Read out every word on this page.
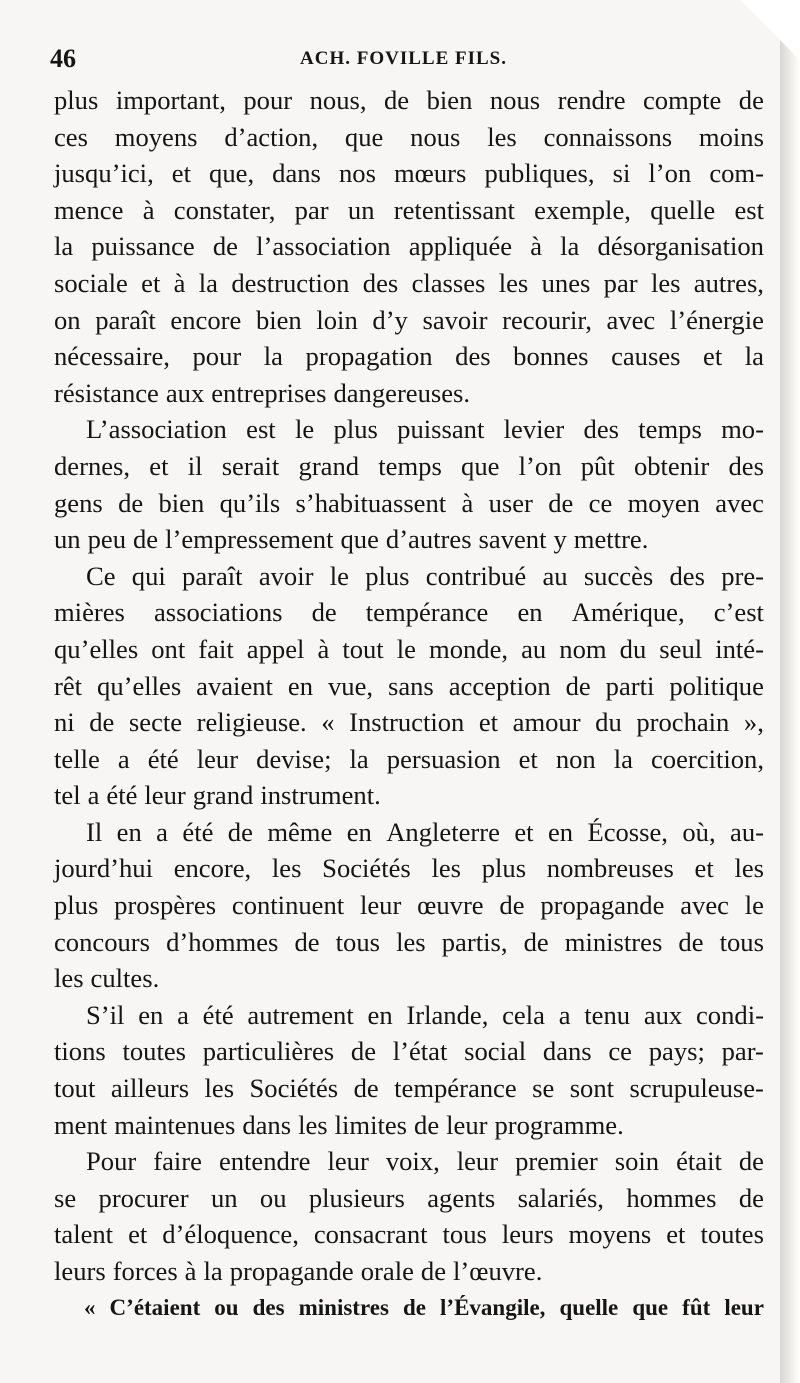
46	ACH. FOVILLE FILS.
plus important, pour nous, de bien nous rendre compte de
ces moyens d’action, que nous les connaissons moins
jusqu’ici, et que, dans nos mœurs publiques, si l’on com-
mence à constater, par un retentissant exemple, quelle est
la puissance de l’association appliquée à la désorganisation
sociale et à la destruction des classes les unes par les autres,
on paraît encore bien loin d’y savoir recourir, avec l’énergie
nécessaire, pour la propagation des bonnes causes et la
résistance aux entreprises dangereuses.
L’association est le plus puissant levier des temps mo-
dernes, et il serait grand temps que l’on pût obtenir des
gens de bien qu’ils s’habituassent à user de ce moyen avec
un peu de l’empressement que d’autres savent y mettre.
Ce qui paraît avoir le plus contribué au succès des pre-
mières associations de tempérance en Amérique, c’est
qu’elles ont fait appel à tout le monde, au nom du seul inté-
rêt qu’elles avaient en vue, sans acception de parti politique
ni de secte religieuse. « Instruction et amour du prochain »,
telle a été leur devise; la persuasion et non la coercition,
tel a été leur grand instrument.
Il en a été de même en Angleterre et en Écosse, où, au-
jourd’hui encore, les Sociétés les plus nombreuses et les
plus prospères continuent leur œuvre de propagande avec le
concours d’hommes de tous les partis, de ministres de tous
les cultes.
S’il en a été autrement en Irlande, cela a tenu aux condi-
tions toutes particulières de l’état social dans ce pays; par-
tout ailleurs les Sociétés de tempérance se sont scrupuleuse-
ment maintenues dans les limites de leur programme.
Pour faire entendre leur voix, leur premier soin était de
se procurer un ou plusieurs agents salariés, hommes de
talent et d’éloquence, consacrant tous leurs moyens et toutes
leurs forces à la propagande orale de l’œuvre.
« C’étaient ou des ministres de l’Évangile, quelle que fût leur
